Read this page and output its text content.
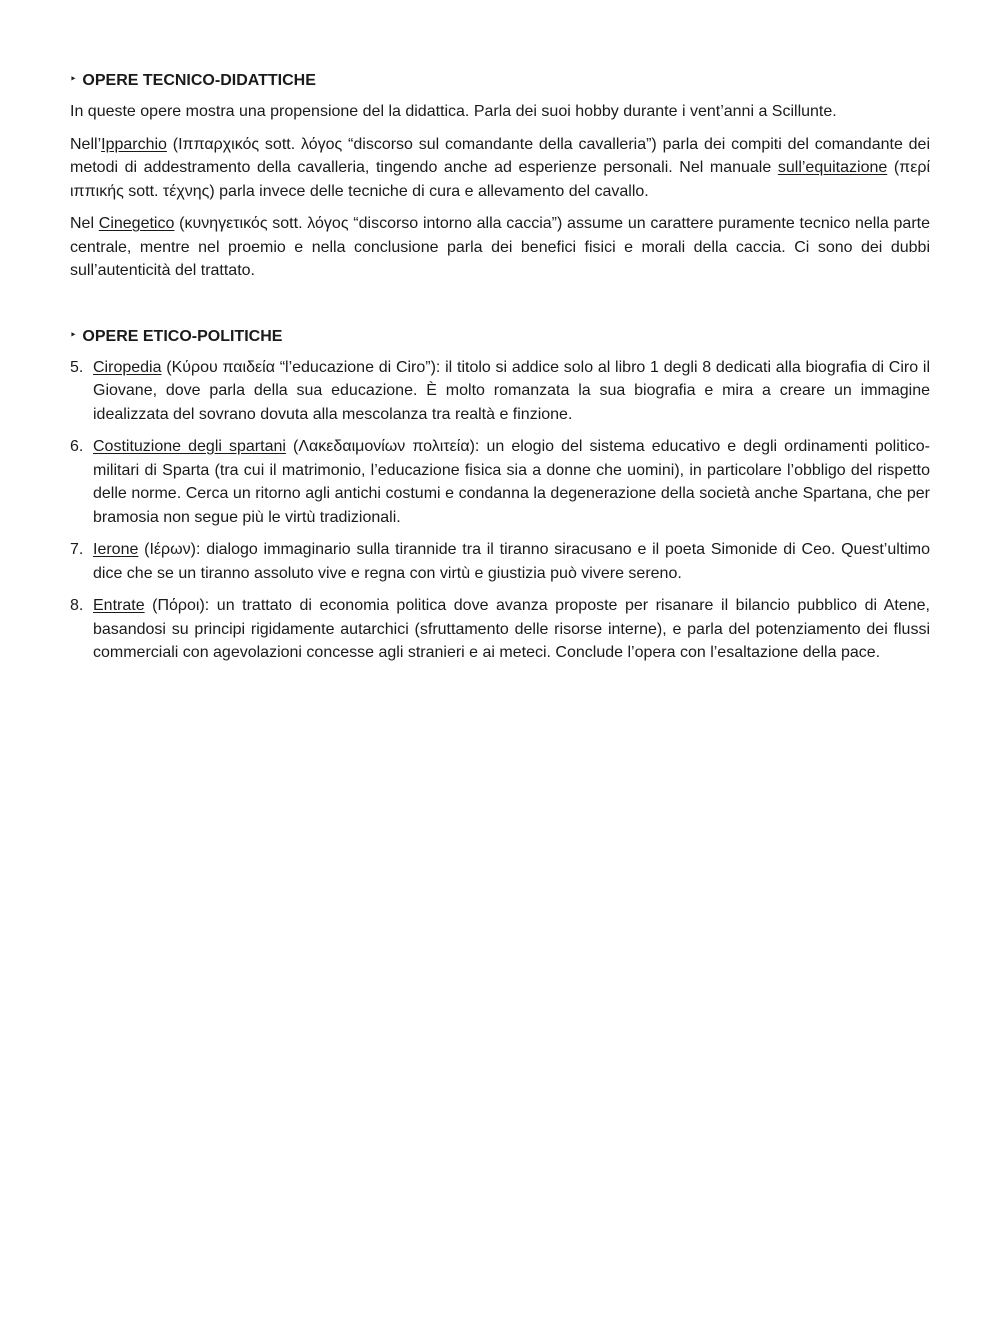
‣ OPERE TECNICO-DIDATTICHE

In queste opere mostra una propensione del la didattica. Parla dei suoi hobby durante i vent’anni a Scillunte.

Nell’Ipparchio (Ιππαρχικός sott. λόγος “discorso sul comandante della cavalleria”) parla dei compiti del comandante dei metodi di addestramento della cavalleria, tingendo anche ad esperienze personali. Nel manuale sull’equitazione (περί ιππικής sott. τέχνης) parla invece delle tecniche di cura e allevamento del cavallo.

Nel Cinegetico (κυνηγετικός sott. λόγος “discorso intorno alla caccia”) assume un carattere puramente tecnico nella parte centrale, mentre nel proemio e nella conclusione parla dei benefici fisici e morali della caccia. Ci sono dei dubbi sull’autenticità del trattato.

‣ OPERE ETICO-POLITICHE
5. Ciropedia (Κύρου παιδεία “l’educazione di Ciro”): il titolo si addice solo al libro 1 degli 8 dedicati alla biografia di Ciro il Giovane, dove parla della sua educazione. È molto romanzata la sua biografia e mira a creare un immagine idealizzata del sovrano dovuta alla mescolanza tra realtà e finzione.
6. Costituzione degli spartani (Λακεδαιμονίων πολιτεία): un elogio del sistema educativo e degli ordinamenti politico-militari di Sparta (tra cui il matrimonio, l’educazione fisica sia a donne che uomini), in particolare l’obbligo del rispetto delle norme. Cerca un ritorno agli antichi costumi e condanna la degenerazione della società anche Spartana, che per bramosia non segue più le virtù tradizionali.
7. Ierone (Ιέρων): dialogo immaginario sulla tirannide tra il tiranno siracusano e il poeta Simonide di Ceo. Quest’ultimo dice che se un tiranno assoluto vive e regna con virtù e giustizia può vivere sereno.
8. Entrate (Πόροι): un trattato di economia politica dove avanza proposte per risanare il bilancio pubblico di Atene, basandosi su principi rigidamente autarchici (sfruttamento delle risorse interne), e parla del potenziamento dei flussi commerciali con agevolazioni concesse agli stranieri e ai meteci. Conclude l’opera con l’esaltazione della pace.
